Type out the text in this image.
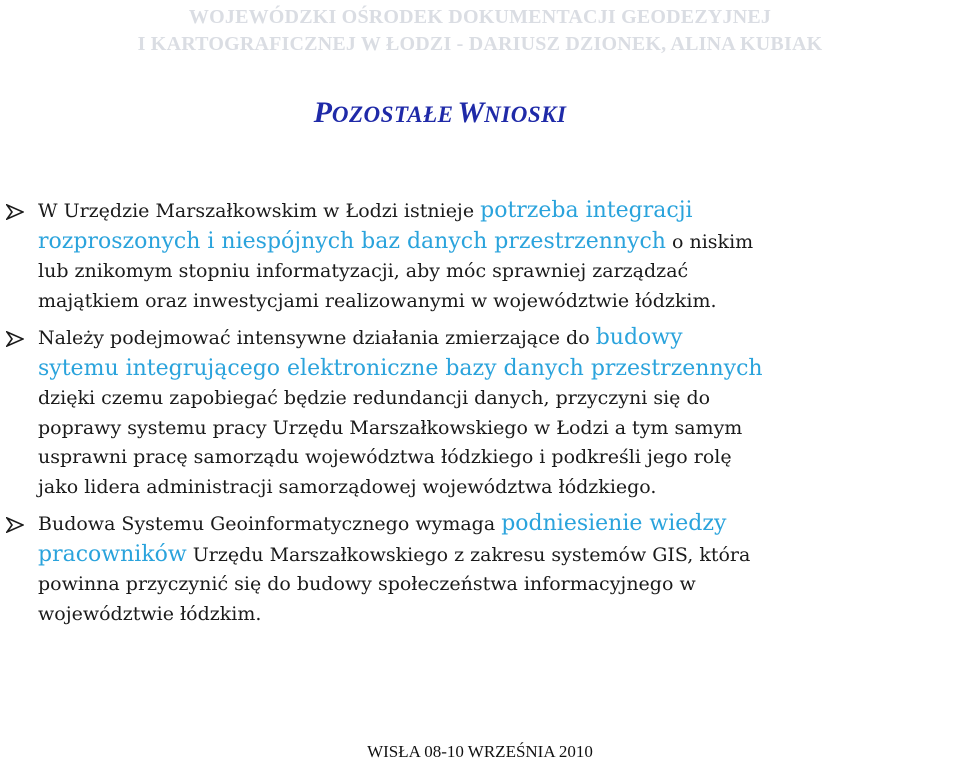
WOJEWÓDZKI OŚRODEK DOKUMENTACJI GEODEZYJNEJ
I KARTOGRAFICZNEJ W ŁODZI - DARIUSZ DZIONEK, ALINA KUBIAK
POZOSTAŁE WNIOSKI
W Urzędzie Marszałkowskim w Łodzi istnieje potrzeba integracji
rozproszonych i niespójnych baz danych przestrzennych o niskim
lub znikomym stopniu informatyzacji, aby móc sprawniej zarządzać
majątkiem oraz inwestycjami realizowanymi w województwie łódzkim.
Należy podejmować intensywne działania zmierzające do budowy
sytemu integrującego elektroniczne bazy danych przestrzennych
dzięki czemu zapobiegać będzie redundancji danych, przyczyni się do
poprawy systemu pracy Urzędu Marszałkowskiego w Łodzi a tym samym
usprawni pracę samorządu województwa łódzkiego i podkreśli jego rolę
jako lidera administracji samorządowej województwa łódzkiego.
Budowa Systemu Geoinformatycznego wymaga podniesienie wiedzy
pracowników Urzędu Marszałkowskiego z zakresu systemów GIS, która
powinna przyczynić się do budowy społeczeństwa informacyjnego w
województwie łódzkim.
WISŁA 08-10 WRZEŚNIA 2010
